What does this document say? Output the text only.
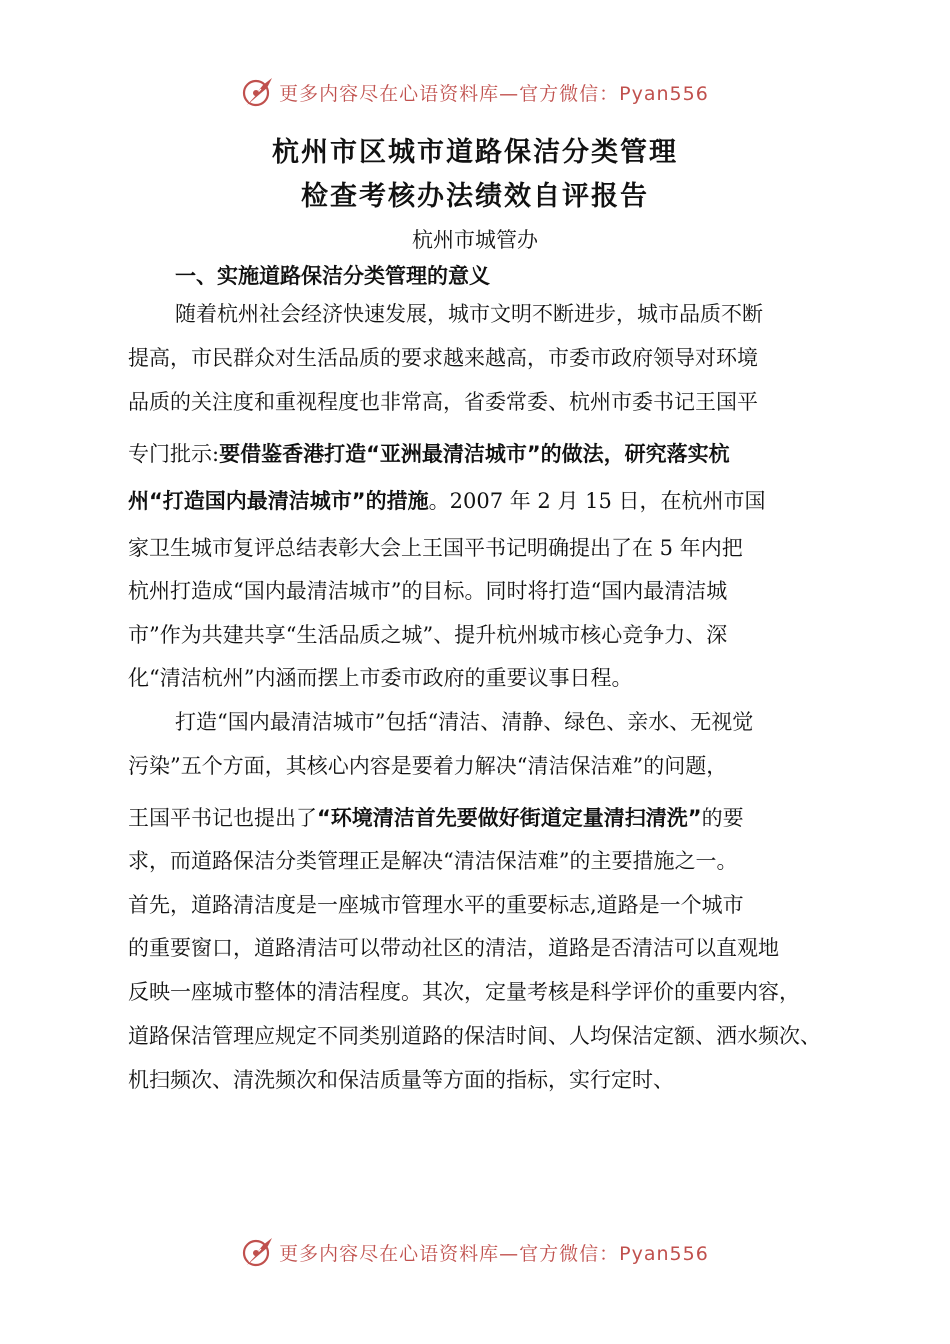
更多内容尽在心语资料库—官方微信：Pyan556
杭州市区城市道路保洁分类管理
检查考核办法绩效自评报告
杭州市城管办
一、实施道路保洁分类管理的意义
随着杭州社会经济快速发展，城市文明不断进步，城市品质不断
提高，市民群众对生活品质的要求越来越高，市委市政府领导对环境
品质的关注度和重视程度也非常高，省委常委、杭州市委书记王国平
专门批示:要借鉴香港打造“亚洲最清洁城市”的做法，研究落实杭
州“打造国内最清洁城市”的措施。2007 年 2 月 15 日，在杭州市国
家卫生城市复评总结表彰大会上王国平书记明确提出了在 5 年内把
杭州打造成“国内最清洁城市”的目标。同时将打造“国内最清洁城
市”作为共建共享“生活品质之城”、提升杭州城市核心竞争力、深
化“清洁杭州”内涵而摆上市委市政府的重要议事日程。
打造“国内最清洁城市”包括“清洁、清静、绿色、亲水、无视觉
污染”五个方面，其核心内容是要着力解决“清洁保洁难”的问题，
王国平书记也提出了“环境清洁首先要做好街道定量清扫清洗”的要
求，而道路保洁分类管理正是解决“清洁保洁难”的主要措施之一。
首先，道路清洁度是一座城市管理水平的重要标志,道路是一个城市
的重要窗口，道路清洁可以带动社区的清洁，道路是否清洁可以直观地
反映一座城市整体的清洁程度。其次，定量考核是科学评价的重要内容，
道路保洁管理应规定不同类别道路的保洁时间、人均保洁定额、洒水频次、
机扫频次、清洗频次和保洁质量等方面的指标，实行定时、
更多内容尽在心语资料库—官方微信：Pyan556
